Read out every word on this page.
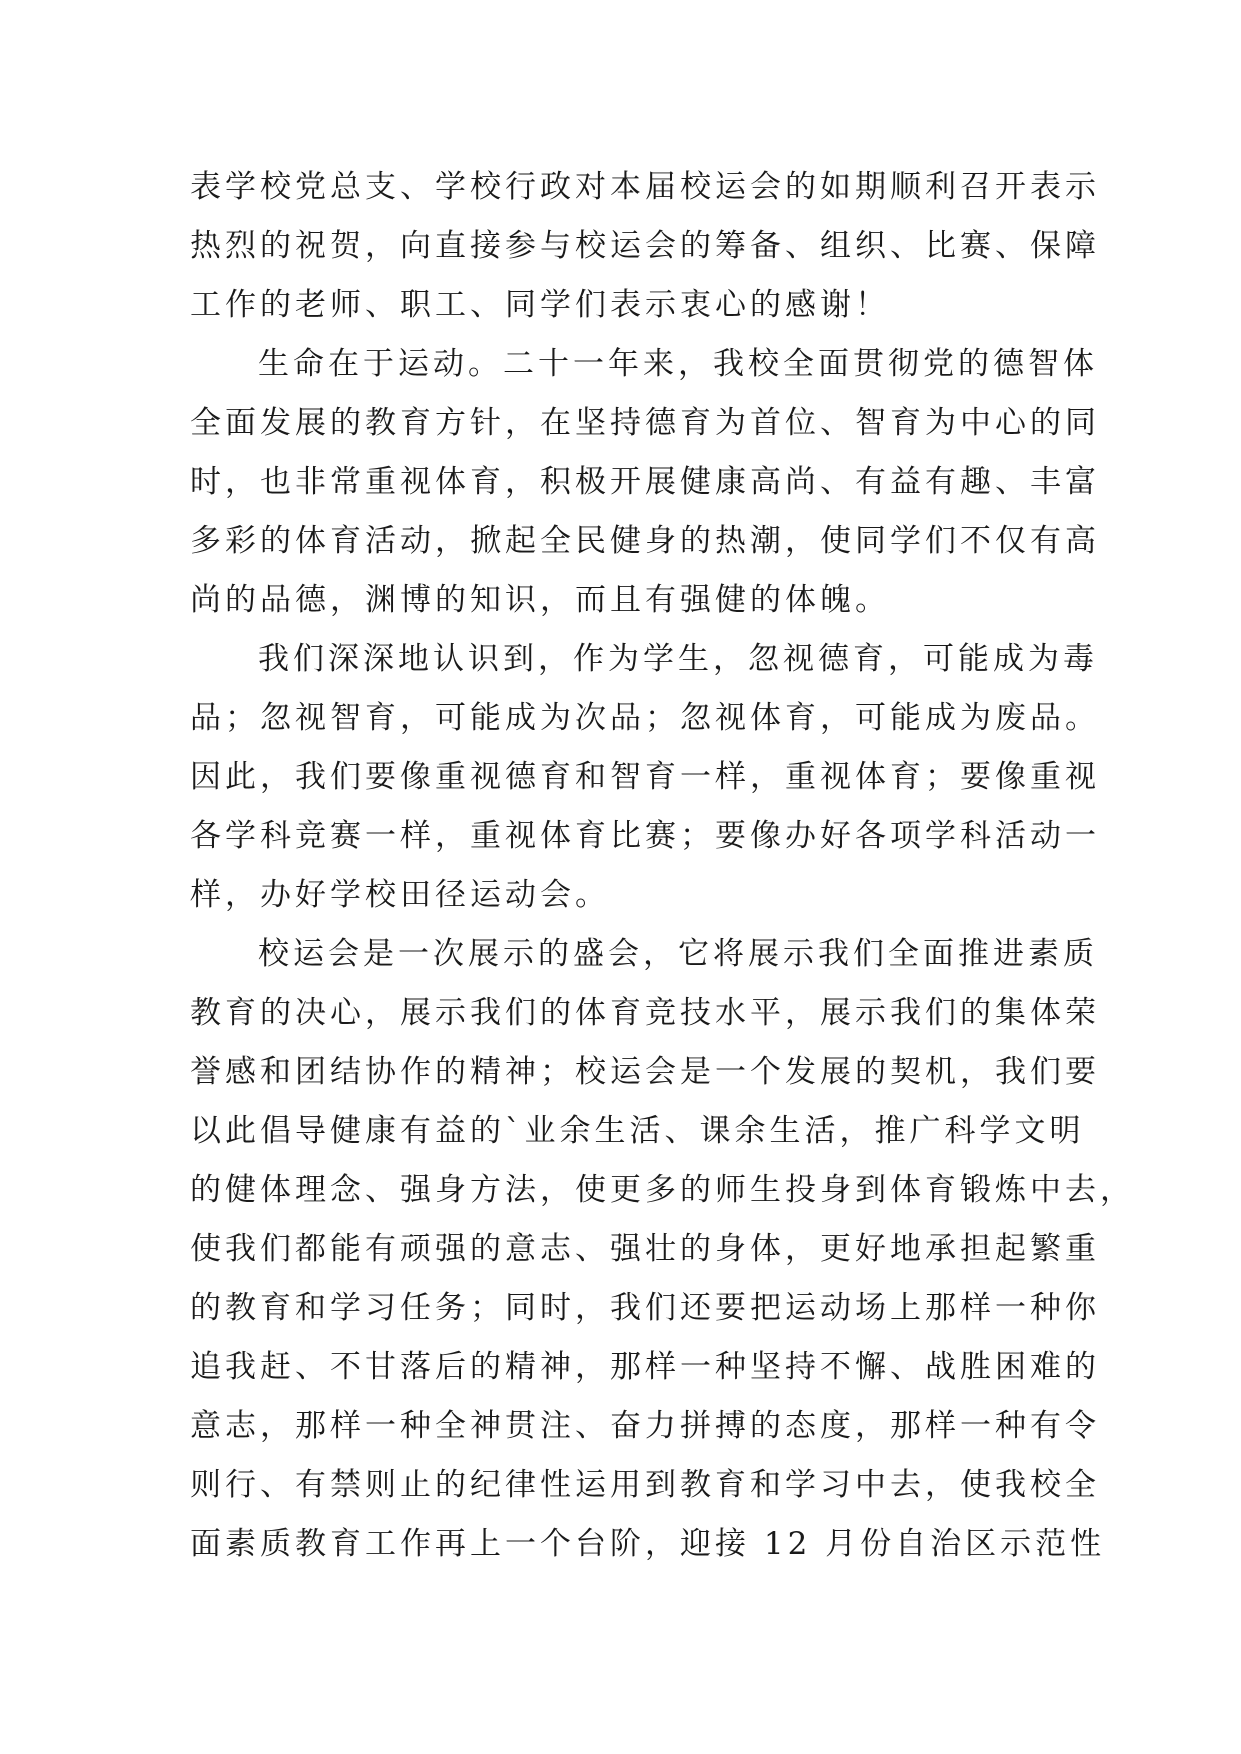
表学校党总支、学校行政对本届校运会的如期顺利召开表示
热烈的祝贺，向直接参与校运会的筹备、组织、比赛、保障
工作的老师、职工、同学们表示衷心的感谢！
生命在于运动。二十一年来，我校全面贯彻党的德智体
全面发展的教育方针，在坚持德育为首位、智育为中心的同
时，也非常重视体育，积极开展健康高尚、有益有趣、丰富
多彩的体育活动，掀起全民健身的热潮，使同学们不仅有高
尚的品德，渊博的知识，而且有强健的体魄。
我们深深地认识到，作为学生，忽视德育，可能成为毒
品；忽视智育，可能成为次品；忽视体育，可能成为废品。
因此，我们要像重视德育和智育一样，重视体育；要像重视
各学科竞赛一样，重视体育比赛；要像办好各项学科活动一
样，办好学校田径运动会。
校运会是一次展示的盛会，它将展示我们全面推进素质
教育的决心，展示我们的体育竞技水平，展示我们的集体荣
誉感和团结协作的精神；校运会是一个发展的契机，我们要
以此倡导健康有益的`业余生活、课余生活，推广科学文明
的健体理念、强身方法，使更多的师生投身到体育锻炼中去，
使我们都能有顽强的意志、强壮的身体，更好地承担起繁重
的教育和学习任务；同时，我们还要把运动场上那样一种你
追我赶、不甘落后的精神，那样一种坚持不懈、战胜困难的
意志，那样一种全神贯注、奋力拼搏的态度，那样一种有令
则行、有禁则止的纪律性运用到教育和学习中去，使我校全
面素质教育工作再上一个台阶，迎接 12 月份自治区示范性
